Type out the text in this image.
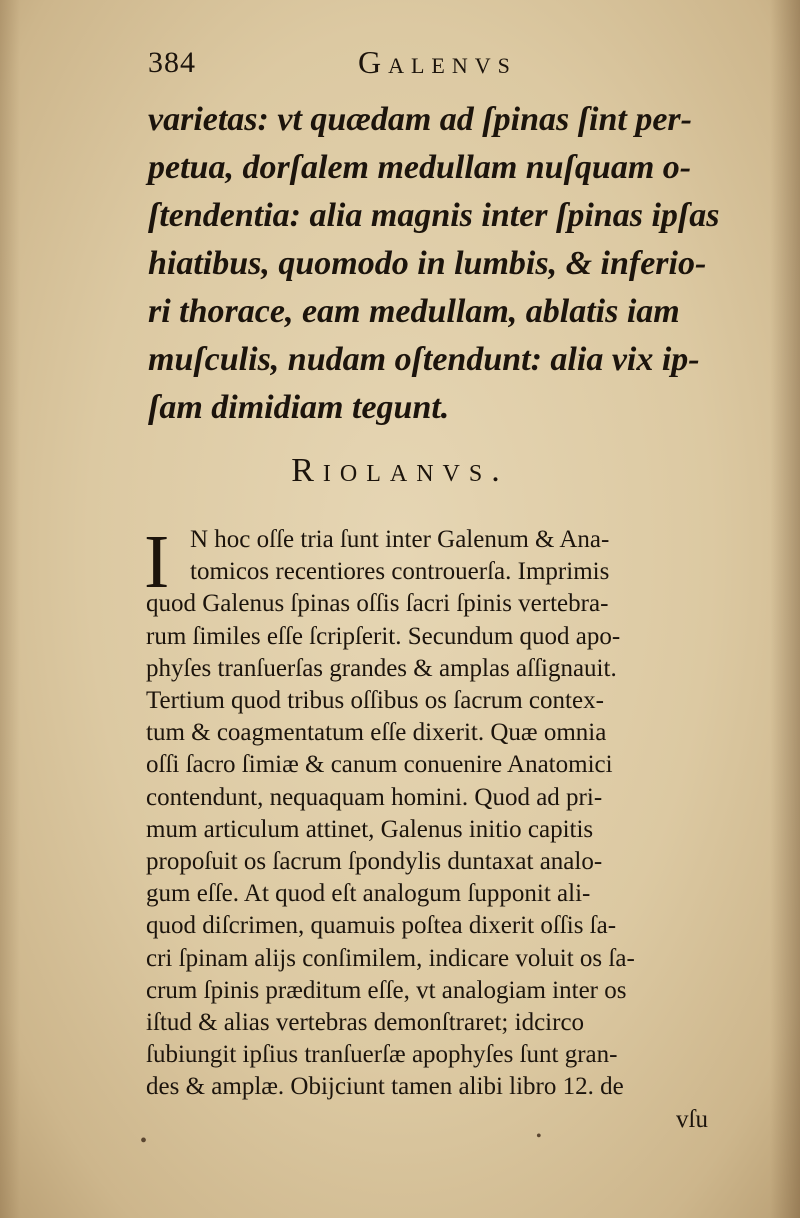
384	Galenvs
varietas: vt quædam ad ſpinas ſint per-
petua, dorſalem medullam nuſquam o-
ſtendentia: alia magnis inter ſpinas ipſas
hiatibus, quomodo in lumbis, & inferio-
ri thorace, eam medullam, ablatis iam
muſculis, nudam oſtendunt: alia vix ip-
ſam dimidiam tegunt.
Riolanvs.
I N hoc oſſe tria ſunt inter Galenum & Ana-
tomicos recentiores controuerſa. Imprimis
quod Galenus ſpinas oſſis ſacri ſpinis vertebra-
rum ſimiles eſſe ſcripſerit. Secundum quod apo-
phyſes tranſuerſas grandes & amplas aſſignauit.
Tertium quod tribus oſſibus os ſacrum contex-
tum & coagmentatum eſſe dixerit. Quæ omnia
oſſi ſacro ſimiæ & canum conuenire Anatomici
contendunt, nequaquam homini. Quod ad pri-
mum articulum attinet, Galenus initio capitis
propoſuit os ſacrum ſpondylis duntaxat analo-
gum eſſe. At quod eſt analogum ſupponit ali-
quod diſcrimen, quamuis poſtea dixerit oſſis ſa-
cri ſpinam alijs conſimilem, indicare voluit os ſa-
crum ſpinis præditum eſſe, vt analogiam inter os
iſtud & alias vertebras demonſtraret; idcirco
ſubiungit ipſius tranſuerſæ apophyſes ſunt gran-
des & amplæ. Obijciunt tamen alibi libro 12. de
vſu
•	•
